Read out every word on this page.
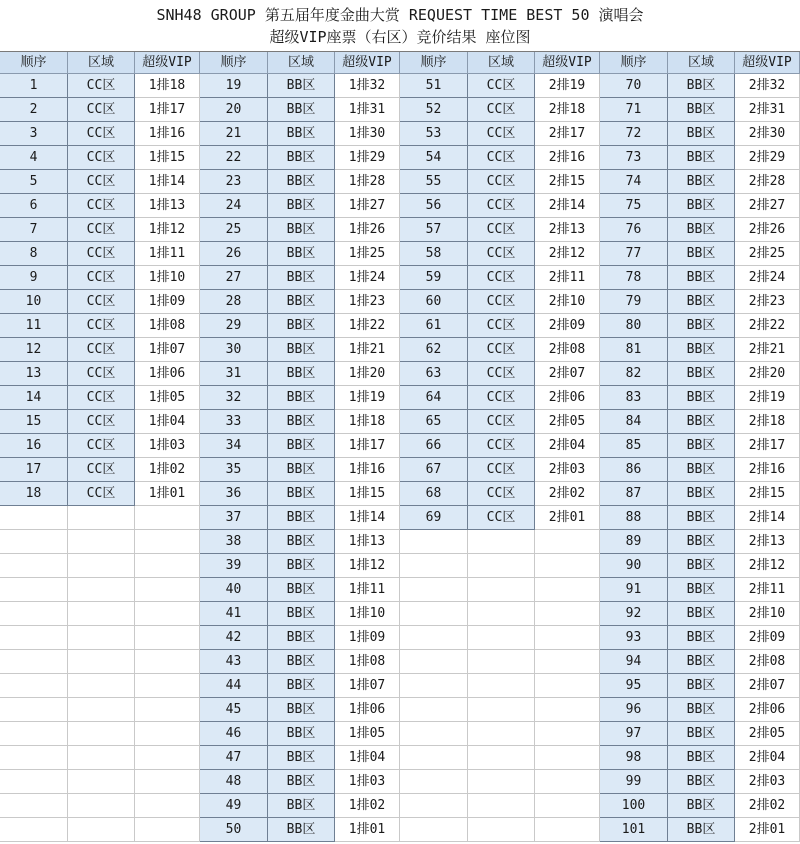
SNH48 GROUP 第五届年度金曲大赏 REQUEST TIME BEST 50 演唱会
超级VIP座票（右区）竞价结果 座位图
顺序	区域	超级VIP
1	CC区	1排18
2	CC区	1排17
3	CC区	1排16
4	CC区	1排15
5	CC区	1排14
6	CC区	1排13
7	CC区	1排12
8	CC区	1排11
9	CC区	1排10
10	CC区	1排09
11	CC区	1排08
12	CC区	1排07
13	CC区	1排06
14	CC区	1排05
15	CC区	1排04
16	CC区	1排03
17	CC区	1排02
18	CC区	1排01
顺序	区域	超级VIP
19	BB区	1排32
20	BB区	1排31
21	BB区	1排30
22	BB区	1排29
23	BB区	1排28
24	BB区	1排27
25	BB区	1排26
26	BB区	1排25
27	BB区	1排24
28	BB区	1排23
29	BB区	1排22
30	BB区	1排21
31	BB区	1排20
32	BB区	1排19
33	BB区	1排18
34	BB区	1排17
35	BB区	1排16
36	BB区	1排15
37	BB区	1排14
38	BB区	1排13
39	BB区	1排12
40	BB区	1排11
41	BB区	1排10
42	BB区	1排09
43	BB区	1排08
44	BB区	1排07
45	BB区	1排06
46	BB区	1排05
47	BB区	1排04
48	BB区	1排03
49	BB区	1排02
50	BB区	1排01
顺序	区域	超级VIP
51	CC区	2排19
52	CC区	2排18
53	CC区	2排17
54	CC区	2排16
55	CC区	2排15
56	CC区	2排14
57	CC区	2排13
58	CC区	2排12
59	CC区	2排11
60	CC区	2排10
61	CC区	2排09
62	CC区	2排08
63	CC区	2排07
64	CC区	2排06
65	CC区	2排05
66	CC区	2排04
67	CC区	2排03
68	CC区	2排02
69	CC区	2排01
顺序	区域	超级VIP
70	BB区	2排32
71	BB区	2排31
72	BB区	2排30
73	BB区	2排29
74	BB区	2排28
75	BB区	2排27
76	BB区	2排26
77	BB区	2排25
78	BB区	2排24
79	BB区	2排23
80	BB区	2排22
81	BB区	2排21
82	BB区	2排20
83	BB区	2排19
84	BB区	2排18
85	BB区	2排17
86	BB区	2排16
87	BB区	2排15
88	BB区	2排14
89	BB区	2排13
90	BB区	2排12
91	BB区	2排11
92	BB区	2排10
93	BB区	2排09
94	BB区	2排08
95	BB区	2排07
96	BB区	2排06
97	BB区	2排05
98	BB区	2排04
99	BB区	2排03
100	BB区	2排02
101	BB区	2排01
